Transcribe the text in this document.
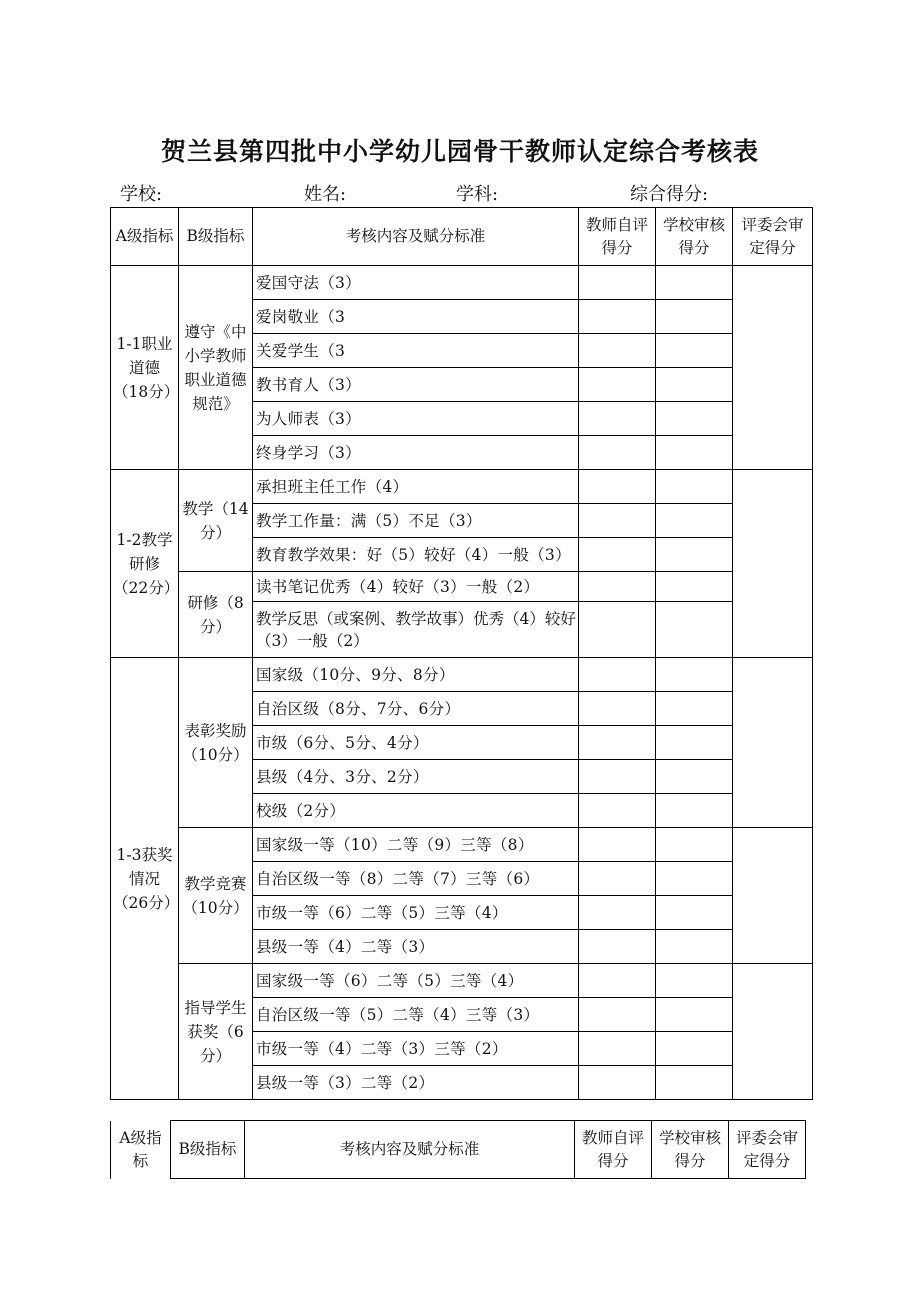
贺兰县第四批中小学幼儿园骨干教师认定综合考核表
学校:	姓名:	学科:	综合得分:
A级指标	B级指标	考核内容及赋分标准	教师自评得分	学校审核得分	评委会审定得分
1-1职业道德（18分）	遵守《中小学教师职业道德规范》	爱国守法（3）			
		爱岗敬业（3			
		关爱学生（3			
		教书育人（3）			
		为人师表（3）			
		终身学习（3）			
1-2教学研修（22分）	教学（14分）	承担班主任工作（4）			
		教学工作量：满（5）不足（3）			
		教育教学效果：好（5）较好（4）一般（3）			
	研修（8分）	读书笔记优秀（4）较好（3）一般（2）			
		教学反思（或案例、教学故事）优秀（4）较好（3）一般（2）			
1-3获奖情况（26分）	表彰奖励（10分）	国家级（10分、9分、8分）			
		自治区级（8分、7分、6分）			
		市级（6分、5分、4分）			
		县级（4分、3分、2分）			
		校级（2分）			
	教学竞赛（10分）	国家级一等（10）二等（9）三等（8）			
		自治区级一等（8）二等（7）三等（6）			
		市级一等（6）二等（5）三等（4）			
		县级一等（4）二等（3）			
	指导学生获奖（6分）	国家级一等（6）二等（5）三等（4）			
		自治区级一等（5）二等（4）三等（3）			
		市级一等（4）二等（3）三等（2）			
		县级一等（3）二等（2）			
A级指标	B级指标	考核内容及赋分标准	教师自评得分	学校审核得分	评委会审定得分
